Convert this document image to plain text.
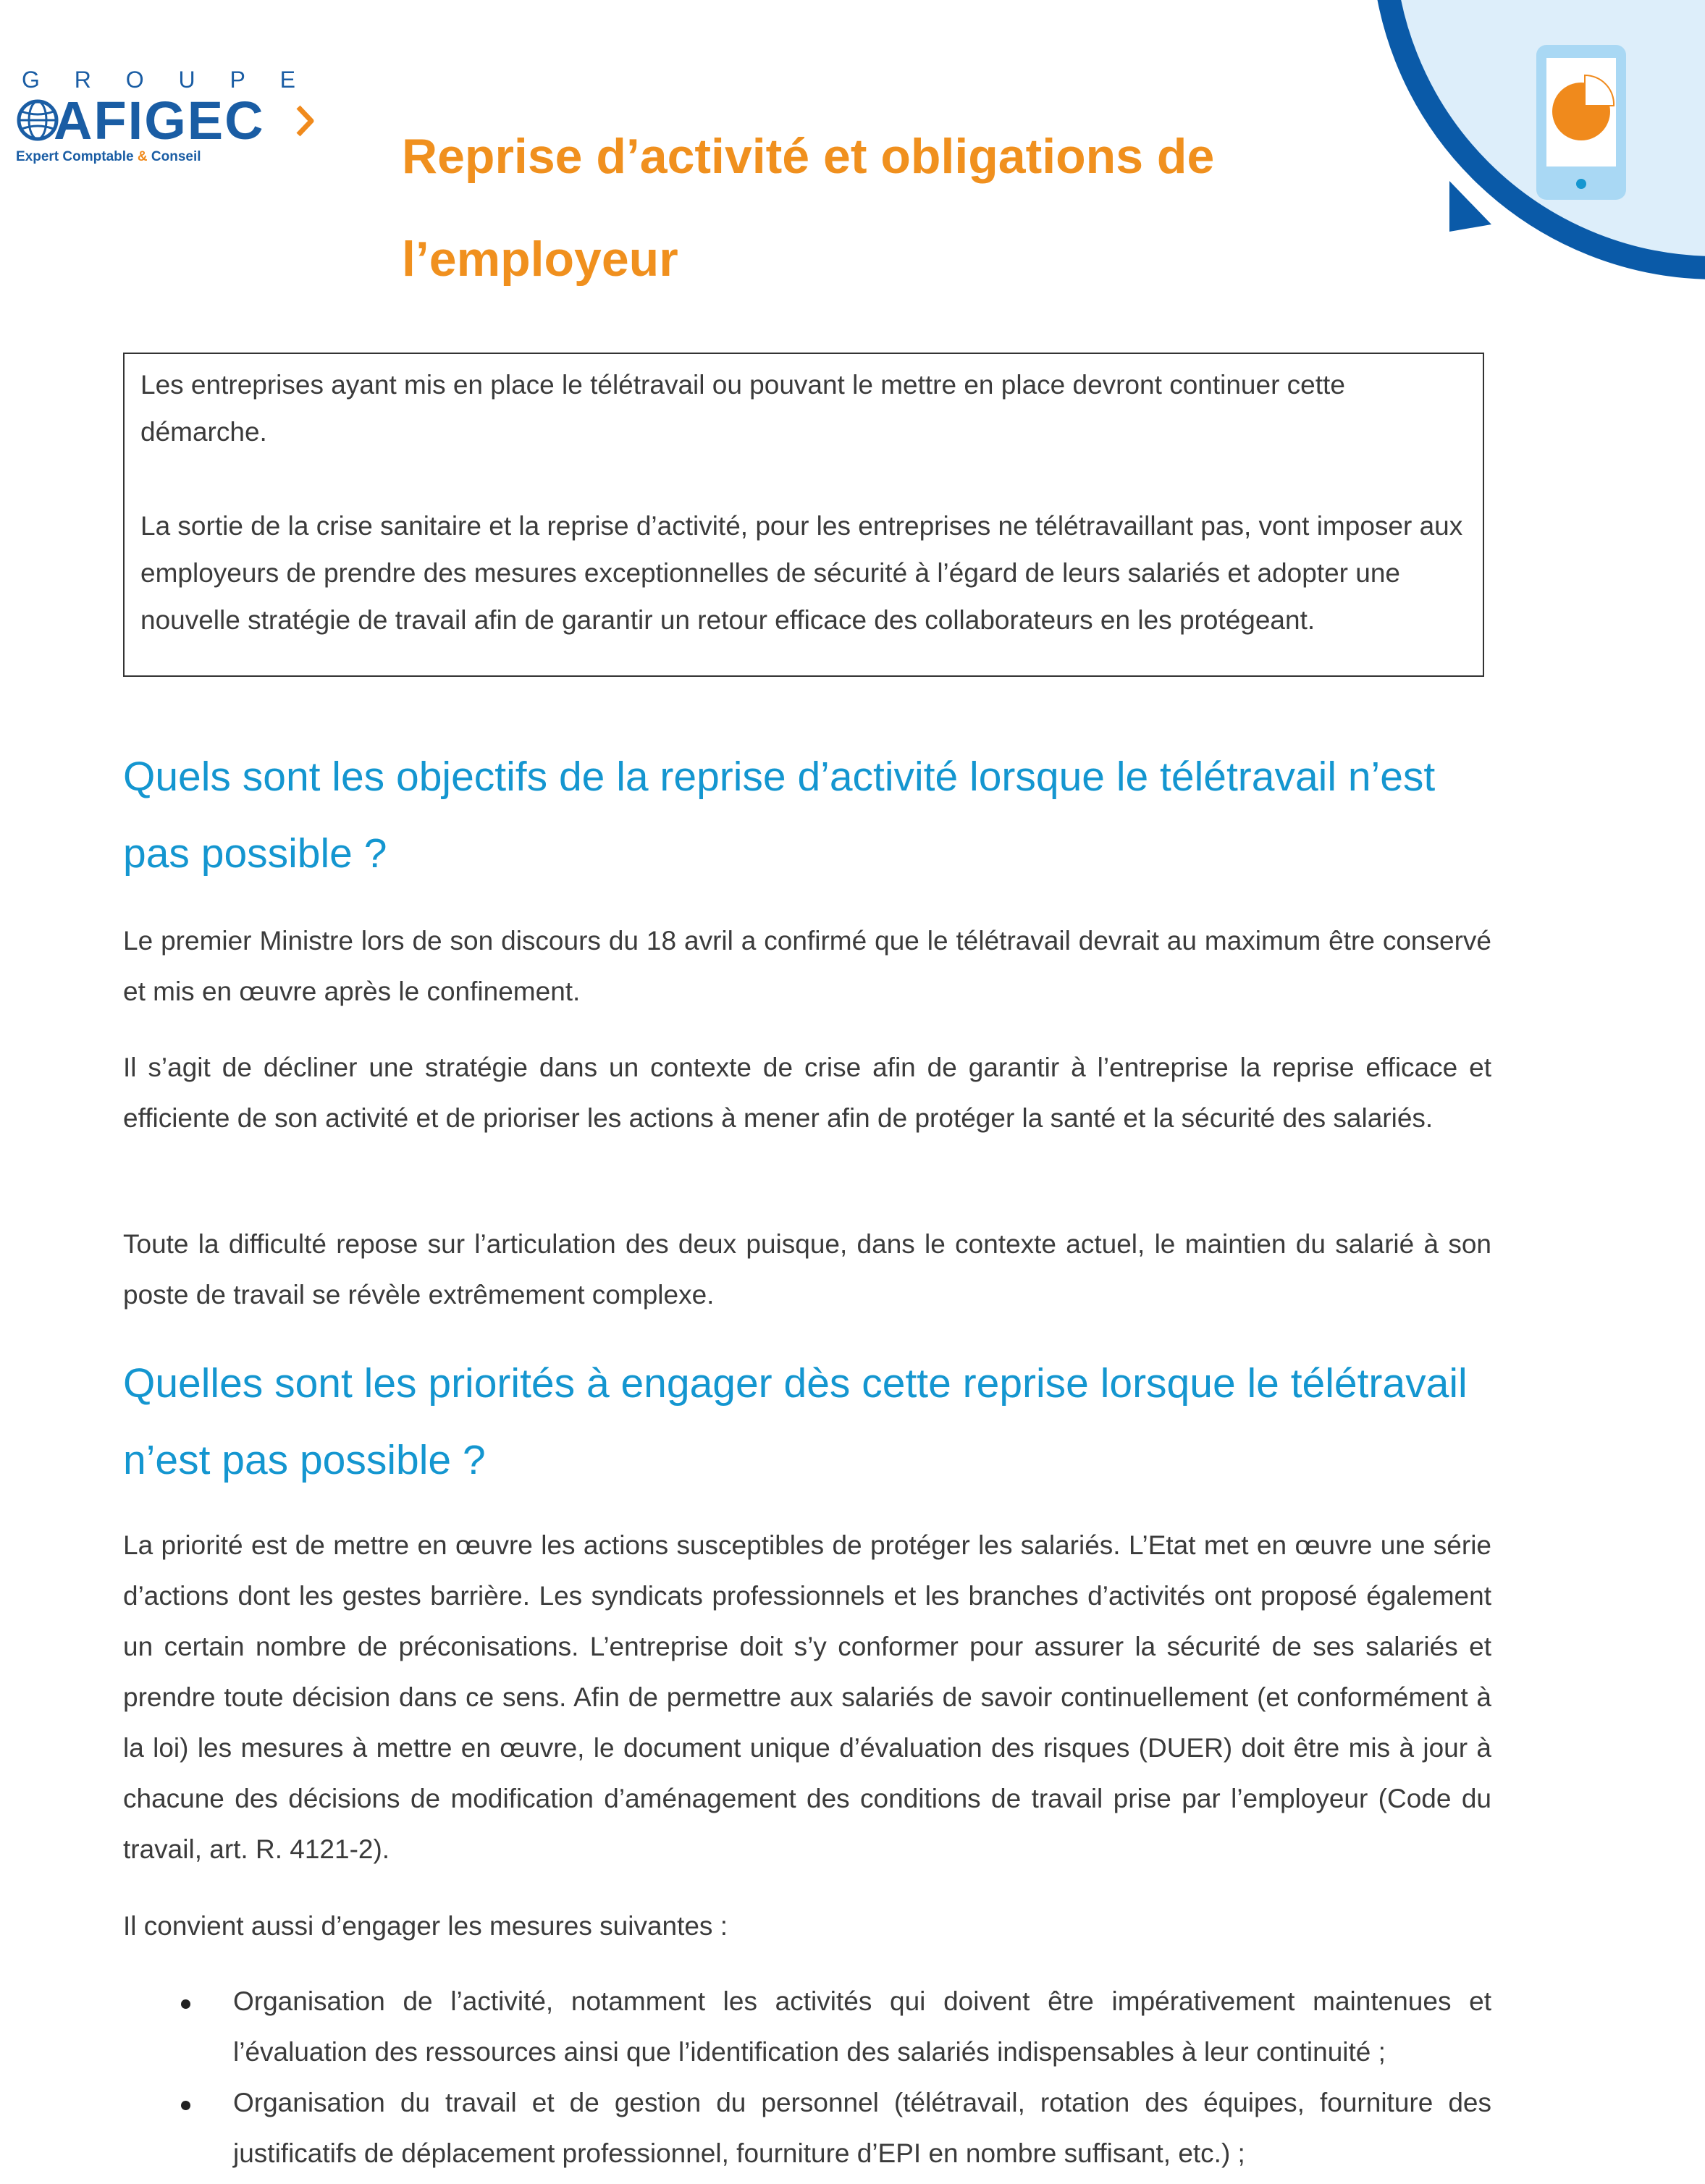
G R O U P E
AFIGEC
Expert Comptable & Conseil	Reprise d’activité et obligations de l’employeur

Les entreprises ayant mis en place le télétravail ou pouvant le mettre en place devront continuer cette démarche.

La sortie de la crise sanitaire et la reprise d’activité, pour les entreprises ne télétravaillant pas, vont imposer aux employeurs de prendre des mesures exceptionnelles de sécurité à l’égard de leurs salariés et adopter une nouvelle stratégie de travail afin de garantir un retour efficace des collaborateurs en les protégeant.

Quels sont les objectifs de la reprise d’activité lorsque le télétravail n’est pas possible ?

Le premier Ministre lors de son discours du 18 avril a confirmé que le télétravail devrait au maximum être conservé et mis en œuvre après le confinement.

Il s’agit de décliner une stratégie dans un contexte de crise afin de garantir à l’entreprise la reprise efficace et efficiente de son activité et de prioriser les actions à mener afin de protéger la santé et la sécurité des salariés.

Toute la difficulté repose sur l’articulation des deux puisque, dans le contexte actuel, le maintien du salarié à son poste de travail se révèle extrêmement complexe.

Quelles sont les priorités à engager dès cette reprise lorsque le télétravail n’est pas possible ?

La priorité est de mettre en œuvre les actions susceptibles de protéger les salariés. L’Etat met en œuvre une série d’actions dont les gestes barrière. Les syndicats professionnels et les branches d’activités ont proposé également un certain nombre de préconisations. L’entreprise doit s’y conformer pour assurer la sécurité de ses salariés et prendre toute décision dans ce sens. Afin de permettre aux salariés de savoir continuellement (et conformément à la loi) les mesures à mettre en œuvre, le document unique d’évaluation des risques (DUER) doit être mis à jour à chacune des décisions de modification d’aménagement des conditions de travail prise par l’employeur (Code du travail, art. R. 4121-2).

Il convient aussi d’engager les mesures suivantes :

Organisation de l’activité, notamment les activités qui doivent être impérativement maintenues et l’évaluation des ressources ainsi que l’identification des salariés indispensables à leur continuité ;
Organisation du travail et de gestion du personnel (télétravail, rotation des équipes, fourniture des justificatifs de déplacement professionnel, fourniture d’EPI en nombre suffisant, etc.) ;
